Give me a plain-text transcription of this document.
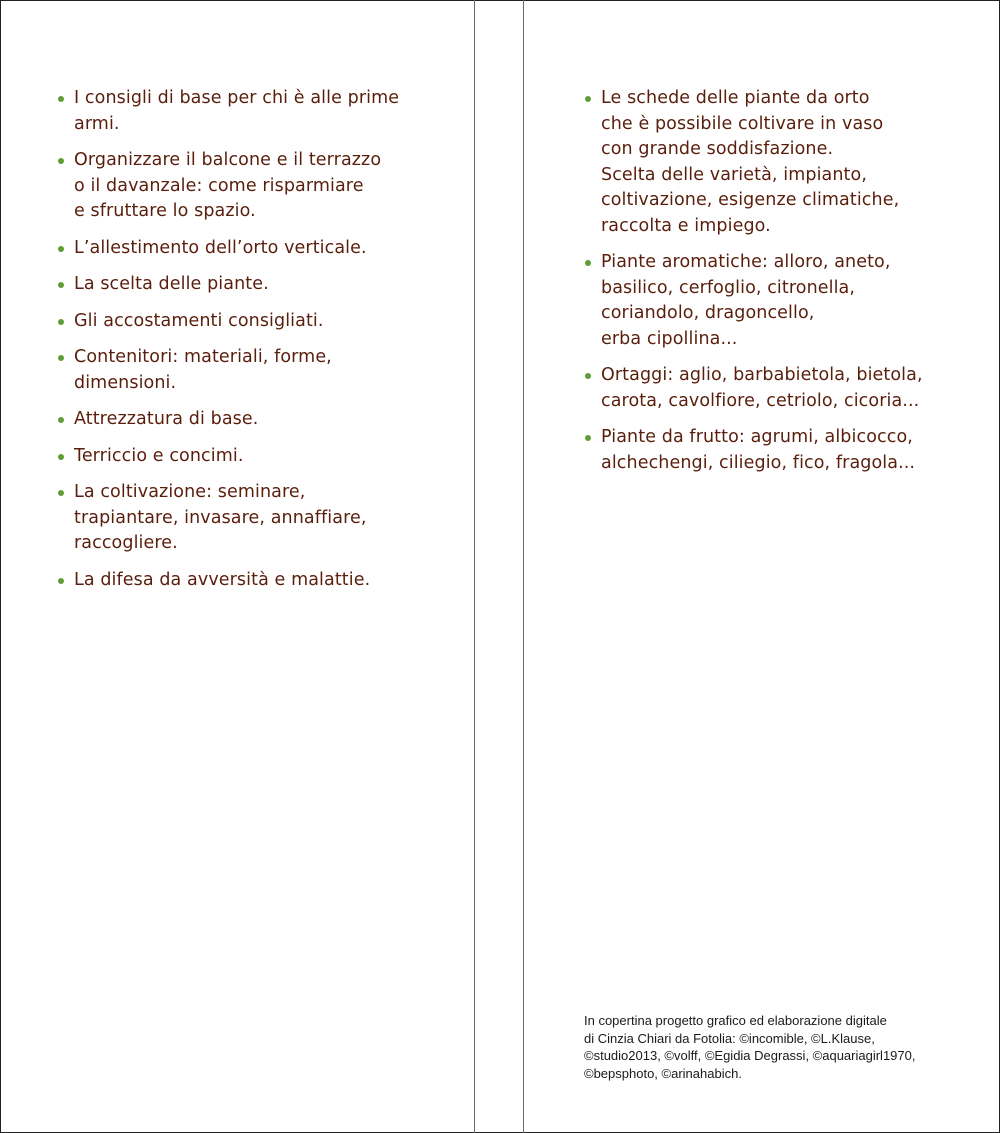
I consigli di base per chi è alle prime
armi.
Organizzare il balcone e il terrazzo
o il davanzale: come risparmiare
e sfruttare lo spazio.
L’allestimento dell’orto verticale.
La scelta delle piante.
Gli accostamenti consigliati.
Contenitori: materiali, forme,
dimensioni.
Attrezzatura di base.
Terriccio e concimi.
La coltivazione: seminare,
trapiantare, invasare, annaffiare,
raccogliere.
La difesa da avversità e malattie.
Le schede delle piante da orto
che è possibile coltivare in vaso
con grande soddisfazione.
Scelta delle varietà, impianto,
coltivazione, esigenze climatiche,
raccolta e impiego.
Piante aromatiche: alloro, aneto,
basilico, cerfoglio, citronella,
coriandolo, dragoncello,
erba cipollina...
Ortaggi: aglio, barbabietola, bietola,
carota, cavolfiore, cetriolo, cicoria...
Piante da frutto: agrumi, albicocco,
alchechengi, ciliegio, fico, fragola...
In copertina progetto grafico ed elaborazione digitale
di Cinzia Chiari da Fotolia: ©incomible, ©L.Klause,
©studio2013, ©volff, ©Egidia Degrassi, ©aquariagirl1970,
©bepsphoto, ©arinahabich.
